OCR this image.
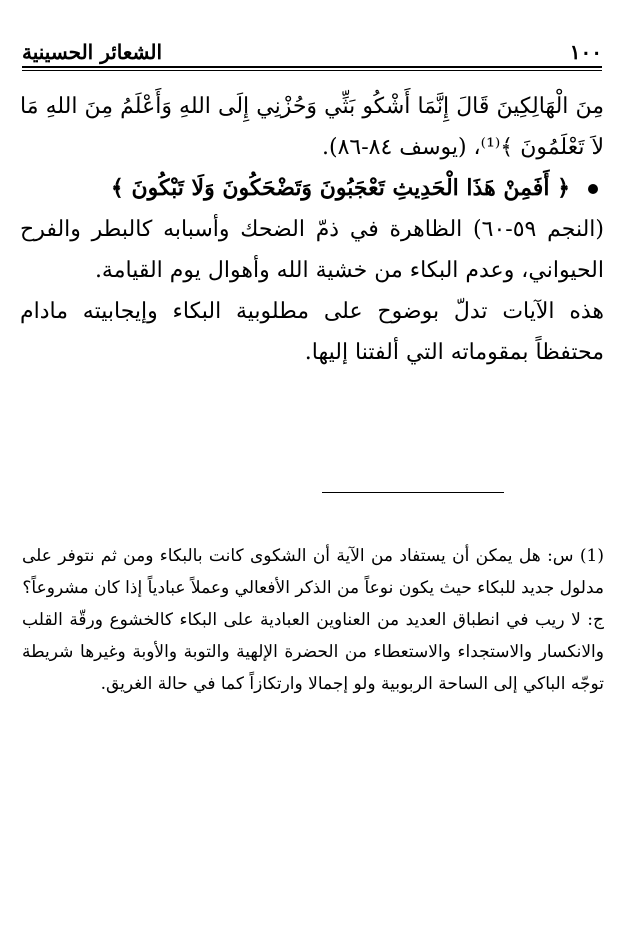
١٠٠
الشعائر الحسينية

مِنَ الْهَالِكِينَ قَالَ إِنَّمَا أَشْكُو بَثِّي وَحُزْنِي إِلَى اللهِ وَأَعْلَمُ مِنَ اللهِ مَا لاَ تَعْلَمُونَ ﴾⁽¹⁾، (يوسف ٨٤-٨٦).

﴿ أَفَمِنْ هَذَا الْحَدِيثِ تَعْجَبُونَ وَتَضْحَكُونَ وَلَا تَبْكُونَ ﴾

(النجم ٥٩-٦٠) الظاهرة في ذمّ الضحك وأسبابه كالبطر والفرح الحيواني، وعدم البكاء من خشية الله وأهوال يوم القيامة.

هذه الآيات تدلّ بوضوح على مطلوبية البكاء وإيجابيته مادام محتفظاً بمقوماته التي ألفتنا إليها.

(1) س: هل يمكن أن يستفاد من الآية أن الشكوى كانت بالبكاء ومن ثم نتوفر على مدلول جديد للبكاء حيث يكون نوعاً من الذكر الأفعالي وعملاً عبادياً إذا كان مشروعاً؟

ج: لا ريب في انطباق العديد من العناوين العبادية على البكاء كالخشوع ورقّة القلب والانكسار والاستجداء والاستعطاء من الحضرة الإلهية والتوبة والأوبة وغيرها شريطة توجّه الباكي إلى الساحة الربوبية ولو إجمالا وارتكازاً كما في حالة الغريق.
